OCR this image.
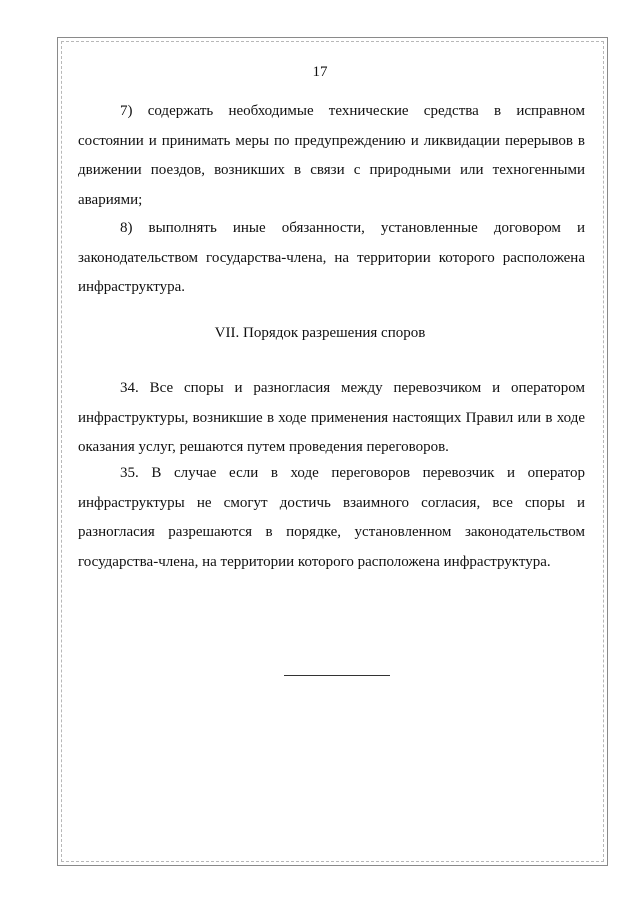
17

7) содержать необходимые технические средства в исправном состоянии и принимать меры по предупреждению и ликвидации перерывов в движении поездов, возникших в связи с природными или техногенными авариями;

8) выполнять иные обязанности, установленные договором и законодательством государства-члена, на территории которого расположена инфраструктура.

VII. Порядок разрешения споров

34. Все споры и разногласия между перевозчиком и оператором инфраструктуры, возникшие в ходе применения настоящих Правил или в ходе оказания услуг, решаются путем проведения переговоров.

35. В случае если в ходе переговоров перевозчик и оператор инфраструктуры не смогут достичь взаимного согласия, все споры и разногласия разрешаются в порядке, установленном законодательством государства-члена, на территории которого расположена инфраструктура.
